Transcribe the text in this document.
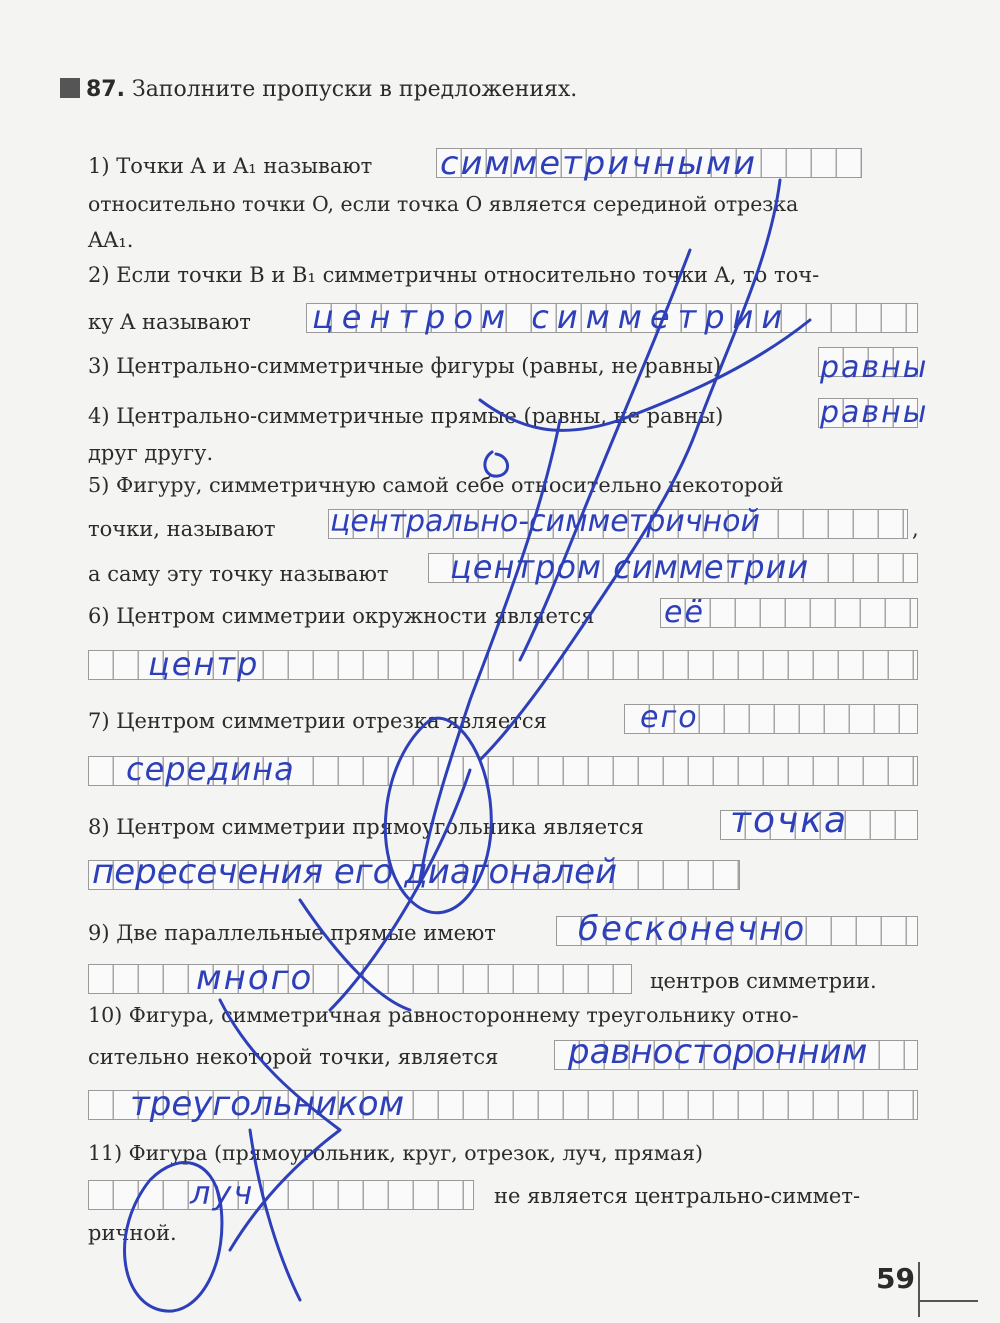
87. Заполните пропуски в предложениях.
1) Точки A и A₁ называют симметричными
относительно точки O, если точка O является серединой отрезка
AA₁.
2) Если точки B и B₁ симметричны относительно точки A, то точ-
ку A называют центром симметрии
3) Центрально-симметричные фигуры (равны, не равны)	равны
4) Центрально-симметричные прямые (равны, не равны)	равны
друг другу.
5) Фигуру, симметричную самой себе относительно некоторой
точки, называют центрально-симметричной	,
а саму эту точку называют центром симметрии
6) Центром симметрии окружности является её
центр
7) Центром симметрии отрезка является	его
середина
8) Центром симметрии прямоугольника является точка
пересечения его диагоналей
9) Две параллельные прямые имеют бесконечно
много	центров симметрии.
10) Фигура, симметричная равностороннему треугольнику отно-
сительно некоторой точки, является равносторонним
треугольником
11) Фигура (прямоугольник, круг, отрезок, луч, прямая)
луч	не является центрально-симмет-
ричной.
59
